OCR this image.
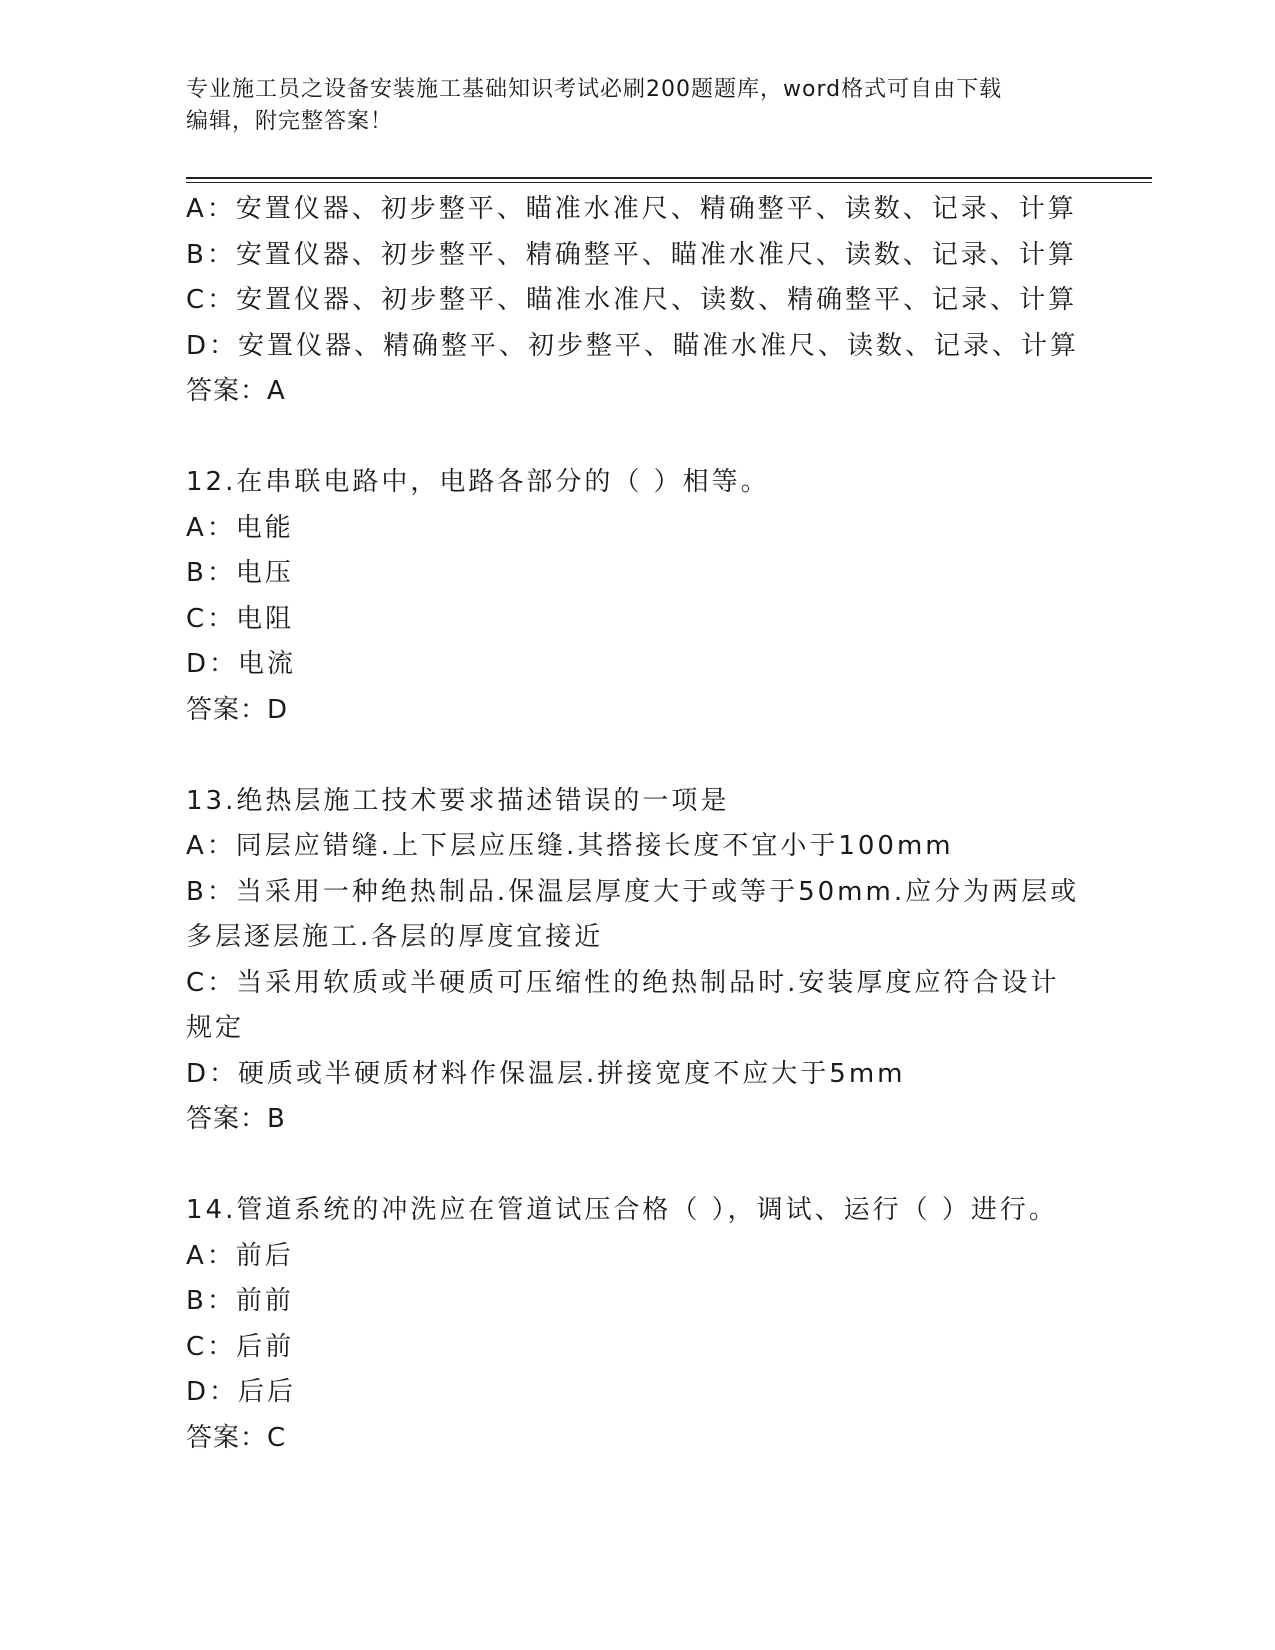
专业施工员之设备安装施工基础知识考试必刷200题题库，word格式可自由下载
编辑，附完整答案！
A：安置仪器、初步整平、瞄准水准尺、精确整平、读数、记录、计算
B：安置仪器、初步整平、精确整平、瞄准水准尺、读数、记录、计算
C：安置仪器、初步整平、瞄准水准尺、读数、精确整平、记录、计算
D：安置仪器、精确整平、初步整平、瞄准水准尺、读数、记录、计算
答案：A
12.在串联电路中，电路各部分的（ ）相等。
A：电能
B：电压
C：电阻
D：电流
答案：D
13.绝热层施工技术要求描述错误的一项是
A：同层应错缝.上下层应压缝.其搭接长度不宜小于100mm
B：当采用一种绝热制品.保温层厚度大于或等于50mm.应分为两层或多层逐层施工.各层的厚度宜接近
C：当采用软质或半硬质可压缩性的绝热制品时.安装厚度应符合设计规定
D：硬质或半硬质材料作保温层.拼接宽度不应大于5mm
答案：B
14.管道系统的冲洗应在管道试压合格（ ），调试、运行（ ）进行。
A：前后
B：前前
C：后前
D：后后
答案：C
